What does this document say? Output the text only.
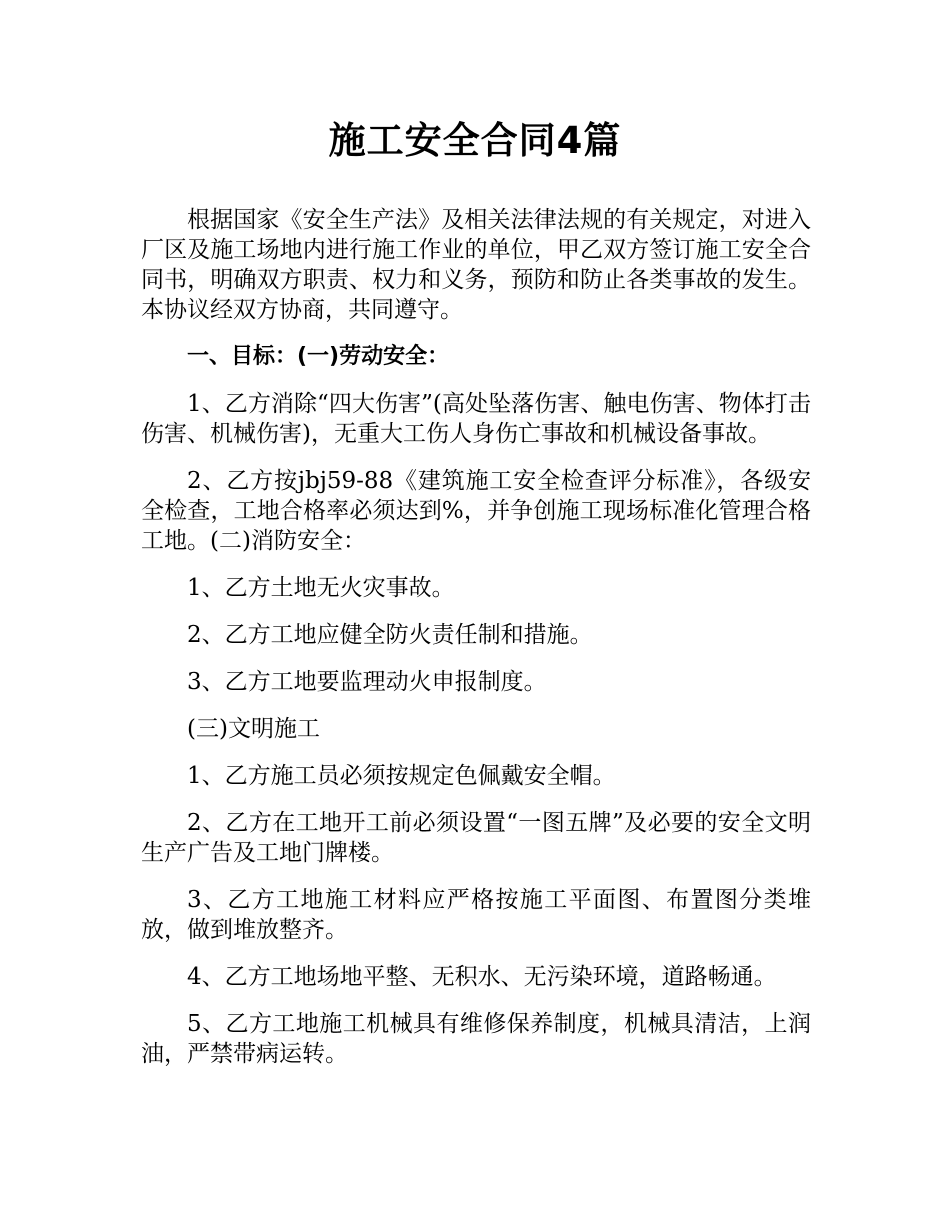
施工安全合同4篇

根据国家《安全生产法》及相关法律法规的有关规定，对进入厂区及施工场地内进行施工作业的单位，甲乙双方签订施工安全合同书，明确双方职责、权力和义务，预防和防止各类事故的发生。本协议经双方协商，共同遵守。

一、目标：(一)劳动安全：

1、乙方消除“四大伤害”(高处坠落伤害、触电伤害、物体打击伤害、机械伤害)，无重大工伤人身伤亡事故和机械设备事故。

2、乙方按jbj59-88《建筑施工安全检查评分标准》，各级安全检查，工地合格率必须达到%，并争创施工现场标准化管理合格工地。(二)消防安全：

1、乙方土地无火灾事故。

2、乙方工地应健全防火责任制和措施。

3、乙方工地要监理动火申报制度。

(三)文明施工

1、乙方施工员必须按规定色佩戴安全帽。

2、乙方在工地开工前必须设置“一图五牌”及必要的安全文明生产广告及工地门牌楼。

3、乙方工地施工材料应严格按施工平面图、布置图分类堆放，做到堆放整齐。

4、乙方工地场地平整、无积水、无污染环境，道路畅通。

5、乙方工地施工机械具有维修保养制度，机械具清洁，上润油，严禁带病运转。
